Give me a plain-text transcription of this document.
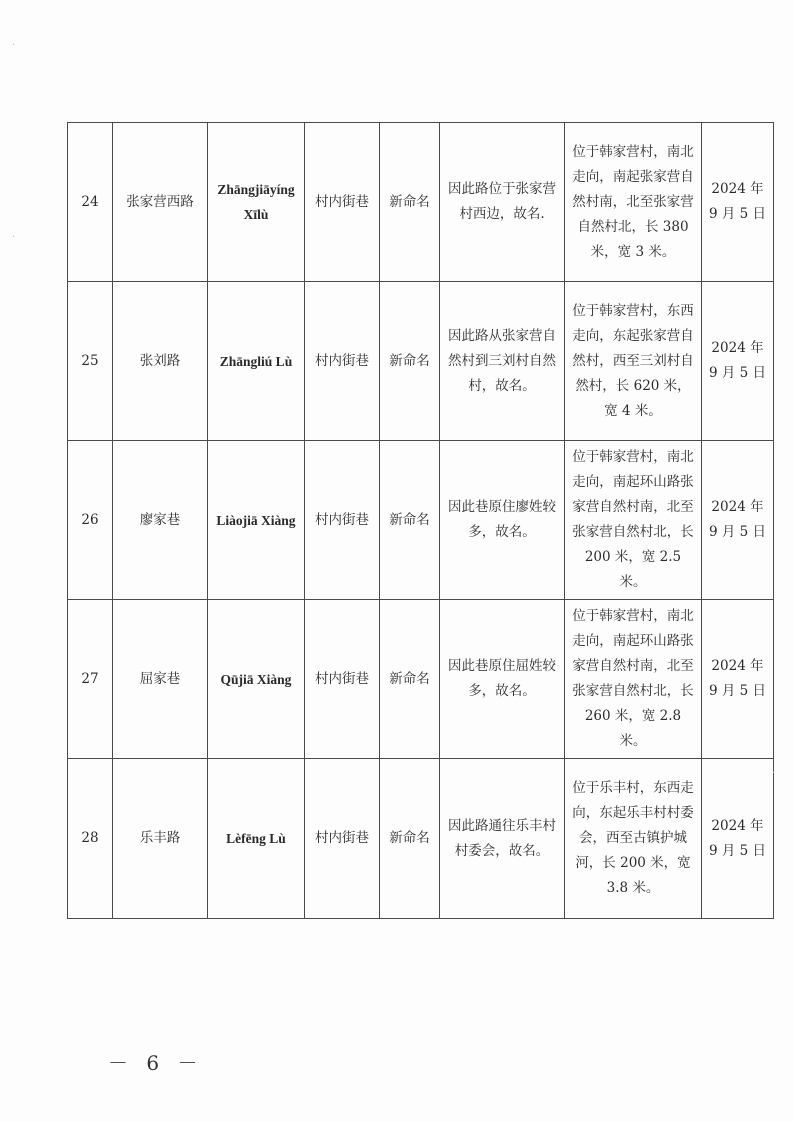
24	张家营西路	Zhāngjiāyíng Xīlù	村内街巷	新命名	因此路位于张家营村西边，故名.	位于韩家营村，南北走向，南起张家营自然村南，北至张家营自然村北，长 380 米，宽 3 米。	2024 年 9 月 5 日
25	张刘路	Zhāngliú Lù	村内街巷	新命名	因此路从张家营自然村到三刘村自然村，故名。	位于韩家营村，东西走向，东起张家营自然村，西至三刘村自然村，长 620 米，宽 4 米。	2024 年 9 月 5 日
26	廖家巷	Liàojiā Xiàng	村内街巷	新命名	因此巷原住廖姓较多，故名。	位于韩家营村，南北走向，南起环山路张家营自然村南，北至张家营自然村北，长 200 米，宽 2.5 米。	2024 年 9 月 5 日
27	屈家巷	Qūjiā Xiàng	村内街巷	新命名	因此巷原住屈姓较多，故名。	位于韩家营村，南北走向，南起环山路张家营自然村南，北至张家营自然村北，长 260 米，宽 2.8 米。	2024 年 9 月 5 日
28	乐丰路	Lèfēng Lù	村内街巷	新命名	因此路通往乐丰村村委会，故名。	位于乐丰村，东西走向，东起乐丰村村委会，西至古镇护城河，长 200 米，宽 3.8 米。	2024 年 9 月 5 日
－ 6 －
·
·
·
